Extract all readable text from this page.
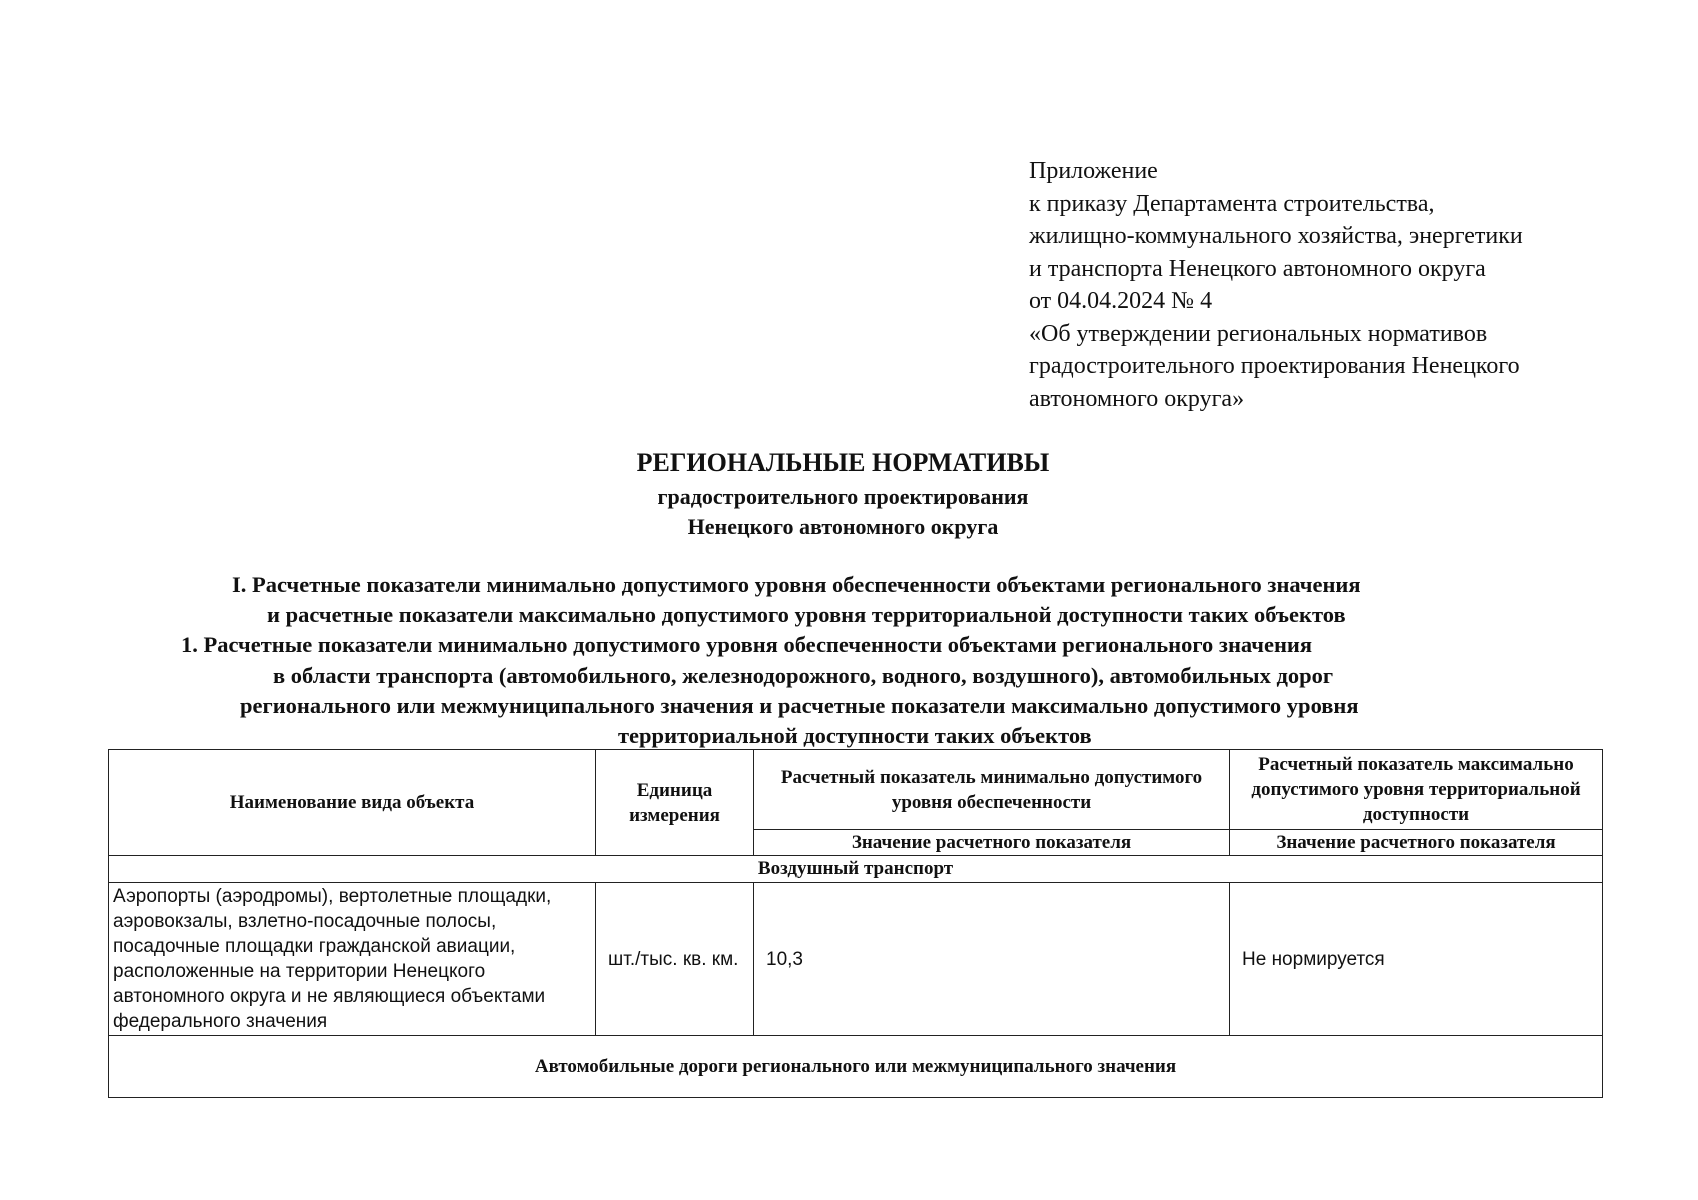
Приложение
к приказу Департамента строительства,
жилищно-коммунального хозяйства, энергетики
и транспорта Ненецкого автономного округа
от 04.04.2024 № 4
«Об утверждении региональных нормативов
градостроительного проектирования Ненецкого
автономного округа»
РЕГИОНАЛЬНЫЕ НОРМАТИВЫ
градостроительного проектирования
Ненецкого автономного округа
I. Расчетные показатели минимально допустимого уровня обеспеченности объектами регионального значения
и расчетные показатели максимально допустимого уровня территориальной доступности таких объектов
1. Расчетные показатели минимально допустимого уровня обеспеченности объектами регионального значения
в области транспорта (автомобильного, железнодорожного, водного, воздушного), автомобильных дорог
регионального или межмуниципального значения и расчетные показатели максимально допустимого уровня
территориальной доступности таких объектов
Наименование вида объекта	Единица измерения	Расчетный показатель минимально допустимого уровня обеспеченности	Расчетный показатель максимально допустимого уровня территориальной доступности
		Значение расчетного показателя	Значение расчетного показателя
Воздушный транспорт			
Аэропорты (аэродромы), вертолетные площадки, аэровокзалы, взлетно-посадочные полосы, посадочные площадки гражданской авиации, расположенные на территории Ненецкого автономного округа и не являющиеся объектами федерального значения	шт./тыс. кв. км.	10,3	Не нормируется
Автомобильные дороги регионального или межмуниципального значения			
